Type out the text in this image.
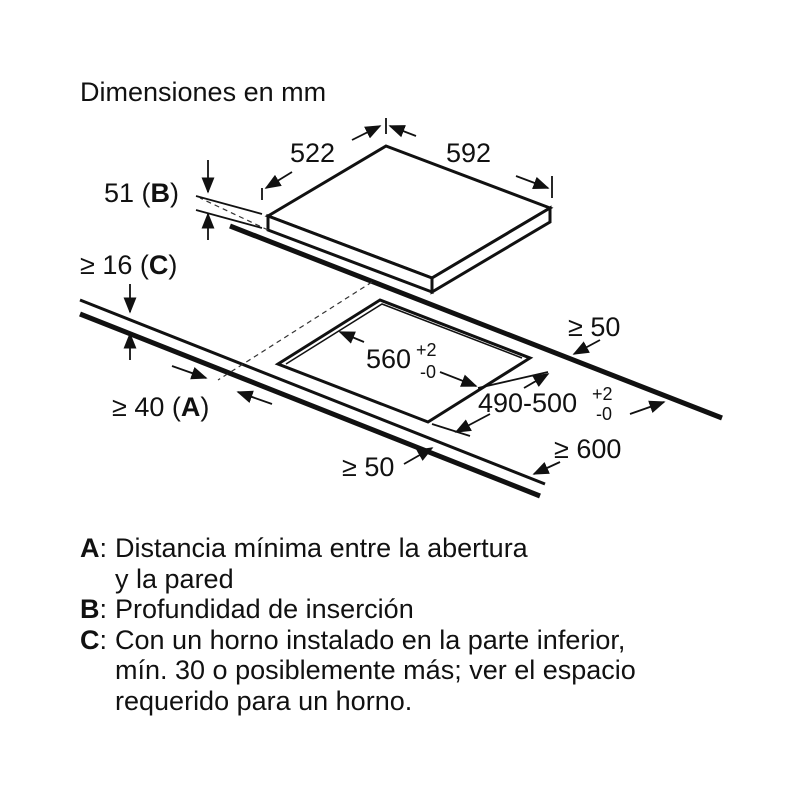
Dimensiones en mm
522	592
51 (B)
≥ 16 (C)
≥ 40 (A)
560 +2
-0
490-500 +2
-0
≥ 50
≥ 50
≥ 600
A : Distancia mínima entre la abertura
y la pared
B : Profundidad de inserción
C : Con un horno instalado en la parte inferior,
mín. 30 o posiblemente más; ver el espacio
requerido para un horno.
